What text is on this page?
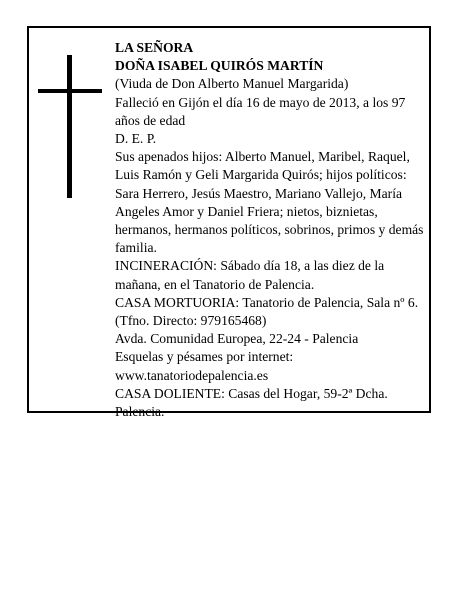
LA SEÑORA
DOÑA ISABEL QUIRÓS MARTÍN
(Viuda de Don Alberto Manuel Margarida)
Falleció en Gijón el día 16 de mayo de 2013, a los 97 años de edad
D. E. P.
Sus apenados hijos: Alberto Manuel, Maribel, Raquel, Luis Ramón y Geli Margarida Quirós; hijos políticos: Sara Herrero, Jesús Maestro, Mariano Vallejo, María Angeles Amor y Daniel Friera; nietos, biznietas, hermanos, hermanos políticos, sobrinos, primos y demás familia.
INCINERACIÓN: Sábado día 18, a las diez de la mañana, en el Tanatorio de Palencia.
CASA MORTUORIA: Tanatorio de Palencia, Sala nº 6. (Tfno. Directo: 979165468)
Avda. Comunidad Europea, 22-24 - Palencia
Esquelas y pésames por internet:
www.tanatoriodepalencia.es
CASA DOLIENTE: Casas del Hogar, 59-2ª Dcha. Palencia.
